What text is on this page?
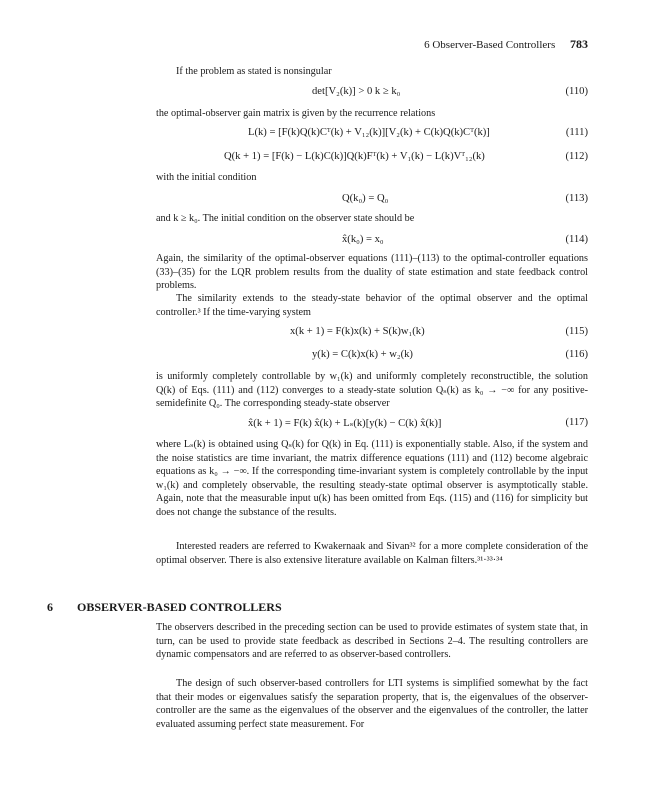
6 Observer-Based Controllers 783
If the problem as stated is nonsingular
det[V₂(k)] > 0 k ≥ k₀	(110)
the optimal-observer gain matrix is given by the recurrence relations
L(k) = [F(k)Q(k)Cᵀ(k) + V₁₂(k)][V₂(k) + C(k)Q(k)Cᵀ(k)]	(111)
Q(k + 1) = [F(k) − L(k)C(k)]Q(k)Fᵀ(k) + V₁(k) − L(k)Vᵀ₁₂(k)	(112)
with the initial condition
Q(k₀) = Q₀	(113)
and k ≥ k₀. The initial condition on the observer state should be
x̂(k₀) = x₀	(114)
Again, the similarity of the optimal-observer equations (111)–(113) to the optimal-controller equations (33)–(35) for the LQR problem results from the duality of state estimation and state feedback control problems.
The similarity extends to the steady-state behavior of the optimal observer and the optimal controller.³ If the time-varying system
x(k + 1) = F(k)x(k) + S(k)w₁(k)	(115)
y(k) = C(k)x(k) + w₂(k)	(116)
is uniformly completely controllable by w₁(k) and uniformly completely reconstructible, the solution Q(k) of Eqs. (111) and (112) converges to a steady-state solution Qₛ(k) as k₀ → −∞ for any positive-semidefinite Q₀. The corresponding steady-state observer
x̂(k + 1) = F(k) x̂(k) + Lₛ(k)[y(k) − C(k) x̂(k)]	(117)
where Lₛ(k) is obtained using Qₛ(k) for Q(k) in Eq. (111) is exponentially stable. Also, if the system and the noise statistics are time invariant, the matrix difference equations (111) and (112) become algebraic equations as k₀ → −∞. If the corresponding time-invariant system is completely controllable by the input w₁(k) and completely observable, the resulting steady-state optimal observer is asymptotically stable. Again, note that the measurable input u(k) has been omitted from Eqs. (115) and (116) for simplicity but does not change the substance of the results.
Interested readers are referred to Kwakernaak and Sivan³² for a more complete consideration of the optimal observer. There is also extensive literature available on Kalman filters.³¹·³³·³⁴
6 OBSERVER-BASED CONTROLLERS
The observers described in the preceding section can be used to provide estimates of system state that, in turn, can be used to provide state feedback as described in Sections 2–4. The resulting controllers are dynamic compensators and are referred to as observer-based controllers.
The design of such observer-based controllers for LTI systems is simplified somewhat by the fact that their modes or eigenvalues satisfy the separation property, that is, the eigenvalues of the observer-controller are the same as the eigenvalues of the observer and the eigenvalues of the controller, the latter evaluated assuming perfect state measurement. For
